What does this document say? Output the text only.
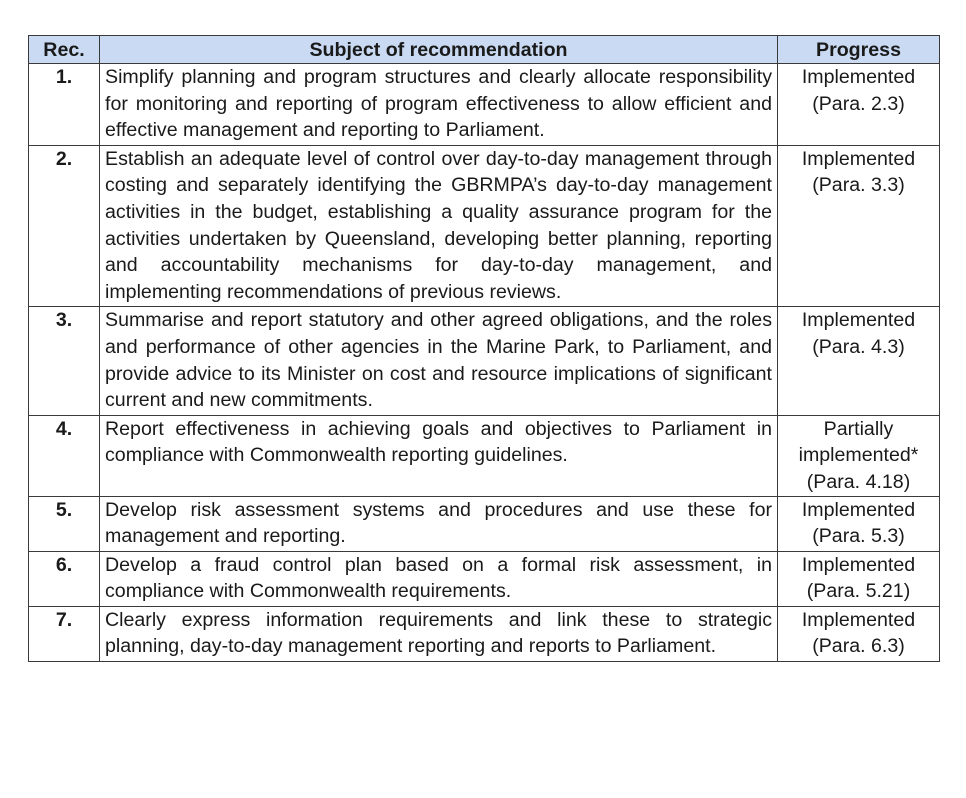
Rec.	Subject of recommendation	Progress
1.	Simplify planning and program structures and clearly allocate responsibility for monitoring and reporting of program effectiveness to allow efficient and effective management and reporting to Parliament.	Implemented
(Para. 2.3)

2.	Establish an adequate level of control over day-to-day management through costing and separately identifying the GBRMPA’s day-to-day management activities in the budget, establishing a quality assurance program for the activities undertaken by Queensland, developing better planning, reporting and accountability mechanisms for day-to-day management, and implementing recommendations of previous reviews.	Implemented
(Para. 3.3)

3.	Summarise and report statutory and other agreed obligations, and the roles and performance of other agencies in the Marine Park, to Parliament, and provide advice to its Minister on cost and resource implications of significant current and new commitments.	Implemented
(Para. 4.3)

4.	Report effectiveness in achieving goals and objectives to Parliament in compliance with Commonwealth reporting guidelines.	Partially
implemented*
(Para. 4.18)

5.	Develop risk assessment systems and procedures and use these for management and reporting.	Implemented
(Para. 5.3)

6.	Develop a fraud control plan based on a formal risk assessment, in compliance with Commonwealth requirements.	Implemented
(Para. 5.21)

7.	Clearly express information requirements and link these to strategic planning, day-to-day management reporting and reports to Parliament.	Implemented
(Para. 6.3)
